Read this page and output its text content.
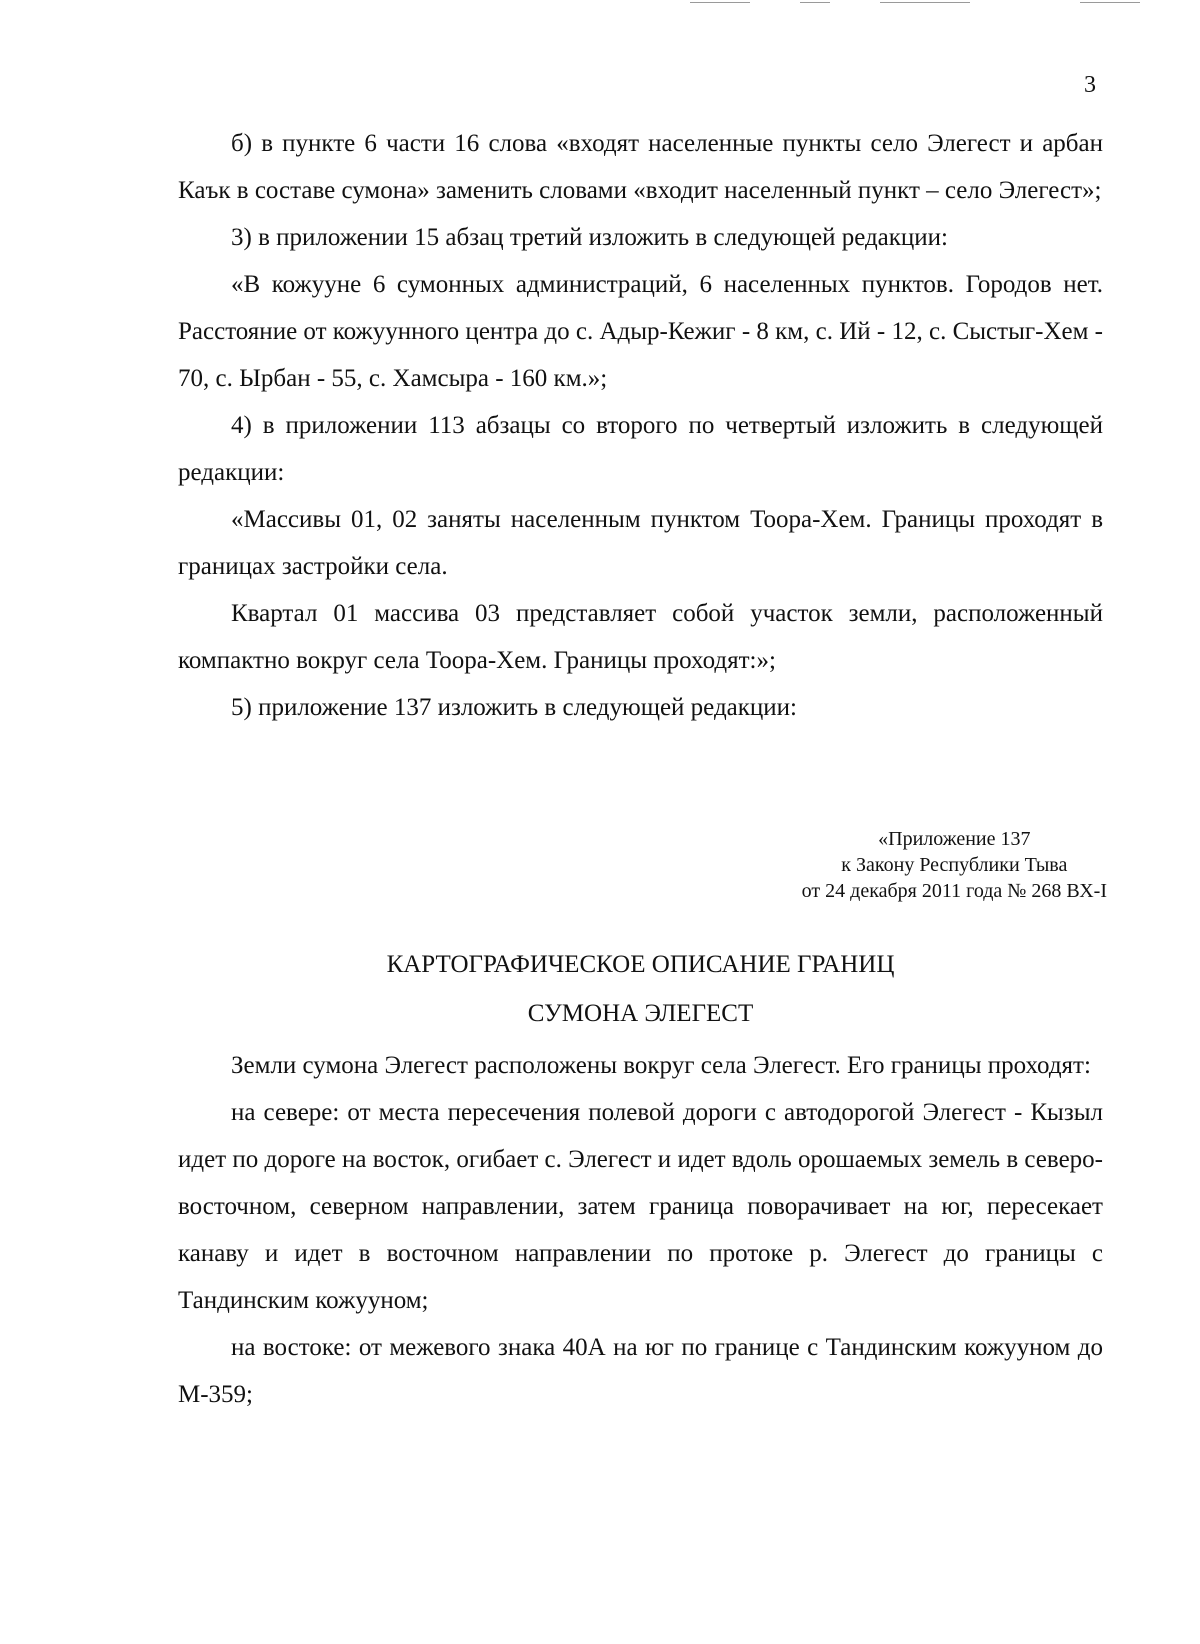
3

б) в пункте 6 части 16 слова «входят населенные пункты село Элегест и арбан Каък в составе сумона» заменить словами «входит населенный пункт – село Элегест»;

3) в приложении 15 абзац третий изложить в следующей редакции:

«В кожууне 6 сумонных администраций, 6 населенных пунктов. Городов нет. Расстояние от кожуунного центра до с. Адыр-Кежиг - 8 км, с. Ий - 12, с. Сыстыг-Хем - 70, с. Ырбан - 55, с. Хамсыра - 160 км.»;

4) в приложении 113 абзацы со второго по четвертый изложить в следующей редакции:

«Массивы 01, 02 заняты населенным пунктом Тоора-Хем. Границы проходят в границах застройки села.

Квартал 01 массива 03 представляет собой участок земли, расположенный компактно вокруг села Тоора-Хем. Границы проходят:»;

5) приложение 137 изложить в следующей редакции:

«Приложение 137
к Закону Республики Тыва
от 24 декабря 2011 года № 268 ВХ-I
КАРТОГРАФИЧЕСКОЕ ОПИСАНИЕ ГРАНИЦ
СУМОНА ЭЛЕГЕСТ

Земли сумона Элегест расположены вокруг села Элегест. Его границы проходят:

на севере: от места пересечения полевой дороги с автодорогой Элегест - Кызыл идет по дороге на восток, огибает с. Элегест и идет вдоль орошаемых земель в северо-восточном, северном направлении, затем граница поворачивает на юг, пересекает канаву и идет в восточном направлении по протоке р. Элегест до границы с Тандинским кожууном;

на востоке: от межевого знака 40А на юг по границе с Тандинским кожууном до М-359;
